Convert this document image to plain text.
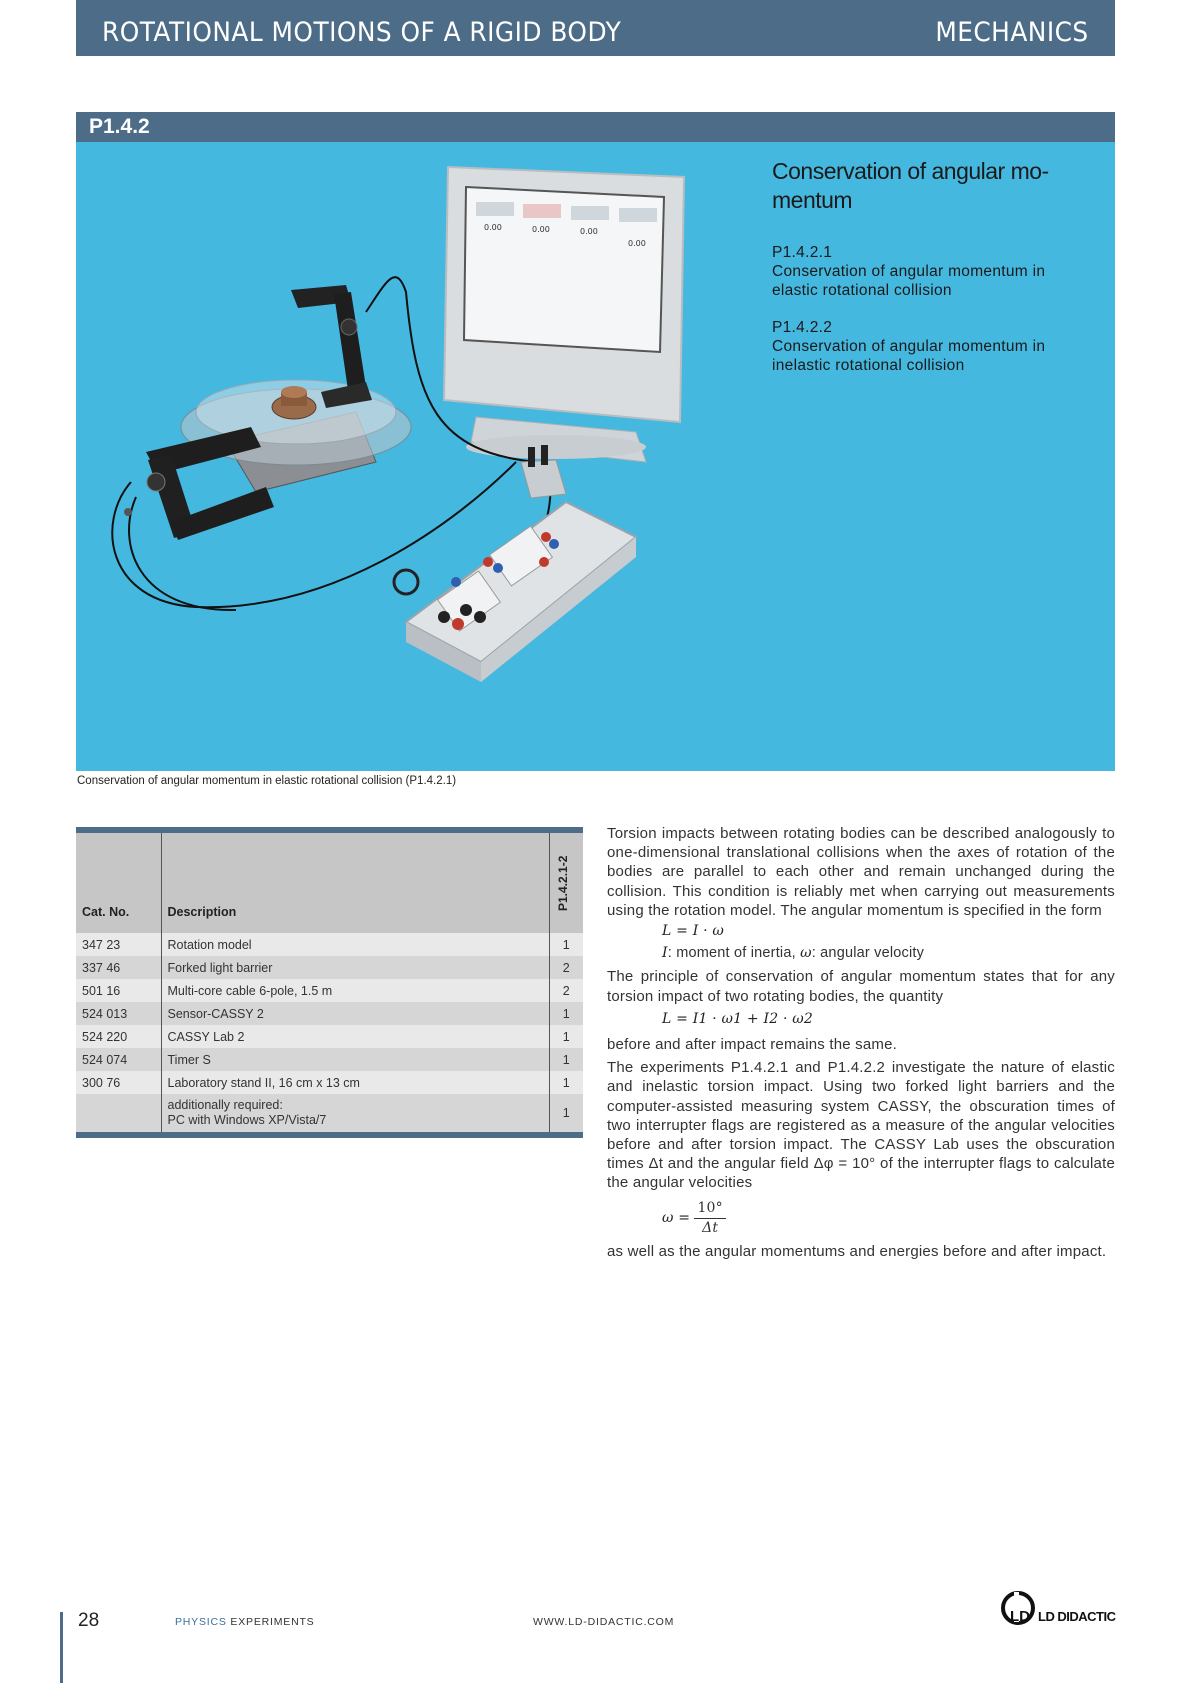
ROTATIONAL MOTIONS OF A RIGID BODY	MECHANICS
P1.4.2
0.00	0.00	0.00
0.00
Conservation of angular mo-
mentum
P1.4.2.1
Conservation of angular momentum in
elastic rotational collision
P1.4.2.2
Conservation of angular momentum in
inelastic rotational collision
Conservation of angular momentum in elastic rotational collision (P1.4.2.1)
Cat. No.	Description	P1.4.2.1-2

347 23	Rotation model	1
337 46	Forked light barrier	2
501 16	Multi-core cable 6-pole, 1.5 m	2
524 013	Sensor-CASSY 2	1
524 220	CASSY Lab 2	1
524 074	Timer S	1
300 76	Laboratory stand II, 16 cm x 13 cm	1

	additionally required:
PC with Windows XP/Vista/7	1

Torsion impacts between rotating bodies can be described analogously to one-dimensional translational collisions when the axes of rotation of the bodies are parallel to each other and remain unchanged during the collision. This condition is reliably met when carrying out measurements using the rotation model. The angular momentum is specified in the form

L = I · ω
I: moment of inertia, ω: angular velocity

The principle of conservation of angular momentum states that for any torsion impact of two rotating bodies, the quantity

L = I1 · ω1 + I2 · ω2

before and after impact remains the same.

The experiments P1.4.2.1 and P1.4.2.2 investigate the nature of elastic and inelastic torsion impact. Using two forked light barriers and the computer-assisted measuring system CASSY, the obscuration times of two interrupter flags are registered as a measure of the angular velocities before and after torsion impact. The CASSY Lab uses the obscuration times Δt and the angular field Δφ = 10° of the interrupter flags to calculate the angular velocities

$\omega = \frac{10^\circ}{\Delta t}$

as well as the angular momentums and energies before and after impact.

28	PHYSICS EXPERIMENTS	WWW.LD-DIDACTIC.COM	LD LD DIDACTIC
